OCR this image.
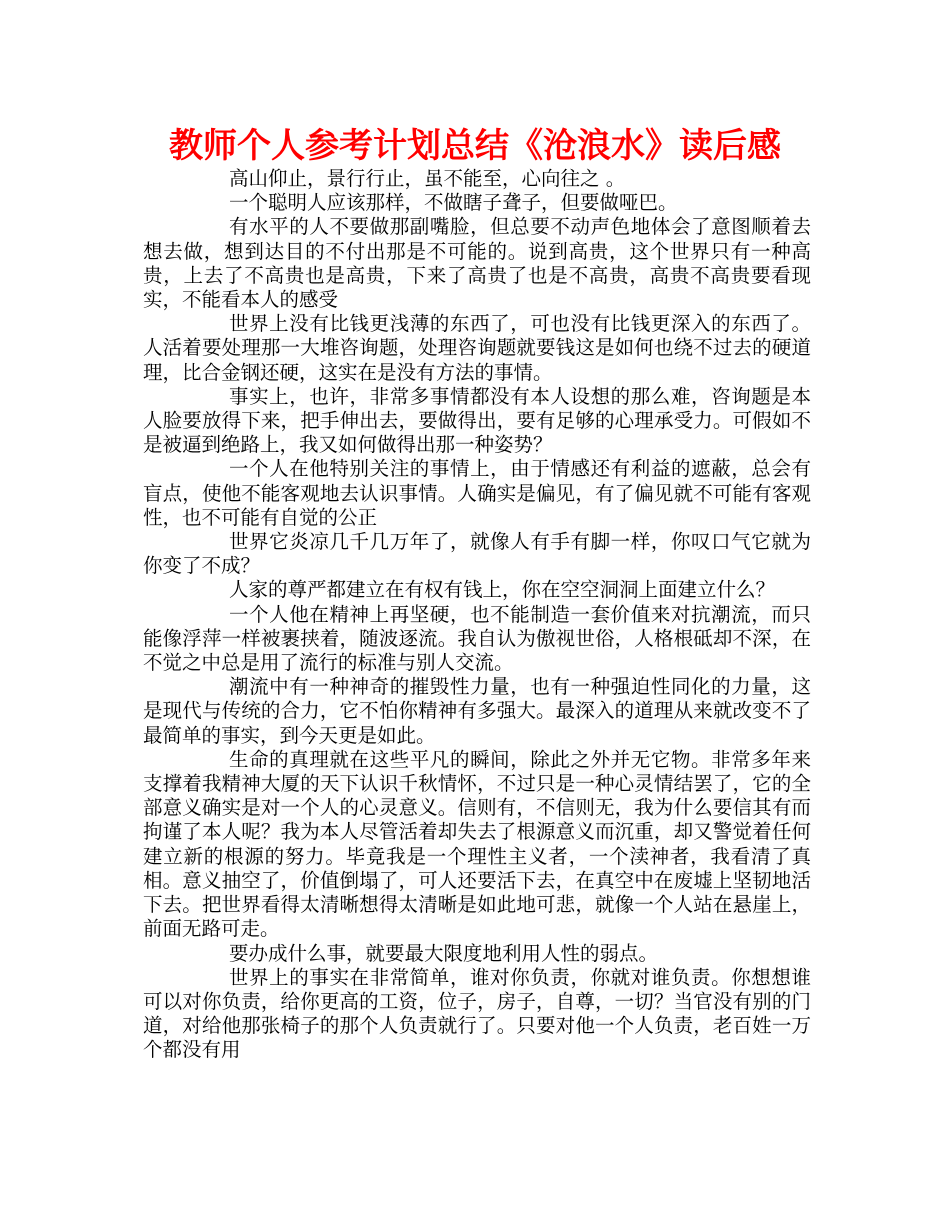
教师个人参考计划总结《沧浪水》读后感

高山仰止，景行行止，虽不能至，心向往之 。

一个聪明人应该那样，不做瞎子聋子，但要做哑巴。

有水平的人不要做那副嘴脸，但总要不动声色地体会了意图顺着去想去做，想到达目的不付出那是不可能的。说到高贵，这个世界只有一种高贵，上去了不高贵也是高贵，下来了高贵了也是不高贵，高贵不高贵要看现实，不能看本人的感受

世界上没有比钱更浅薄的东西了，可也没有比钱更深入的东西了。人活着要处理那一大堆咨询题，处理咨询题就要钱这是如何也绕不过去的硬道理，比合金钢还硬，这实在是没有方法的事情。

事实上，也许，非常多事情都没有本人设想的那么难，咨询题是本人脸要放得下来，把手伸出去，要做得出，要有足够的心理承受力。可假如不是被逼到绝路上，我又如何做得出那一种姿势？

一个人在他特别关注的事情上，由于情感还有利益的遮蔽，总会有盲点，使他不能客观地去认识事情。人确实是偏见，有了偏见就不可能有客观性，也不可能有自觉的公正

世界它炎凉几千几万年了，就像人有手有脚一样，你叹口气它就为你变了不成？

人家的尊严都建立在有权有钱上，你在空空洞洞上面建立什么？

一个人他在精神上再坚硬，也不能制造一套价值来对抗潮流，而只能像浮萍一样被裹挟着，随波逐流。我自认为傲视世俗，人格根砥却不深，在不觉之中总是用了流行的标准与别人交流。

潮流中有一种神奇的摧毁性力量，也有一种强迫性同化的力量，这是现代与传统的合力，它不怕你精神有多强大。最深入的道理从来就改变不了最简单的事实，到今天更是如此。

生命的真理就在这些平凡的瞬间，除此之外并无它物。非常多年来支撑着我精神大厦的天下认识千秋情怀，不过只是一种心灵情结罢了，它的全部意义确实是对一个人的心灵意义。信则有，不信则无，我为什么要信其有而拘谨了本人呢？我为本人尽管活着却失去了根源意义而沉重，却又警觉着任何建立新的根源的努力。毕竟我是一个理性主义者，一个渎神者，我看清了真相。意义抽空了，价值倒塌了，可人还要活下去，在真空中在废墟上坚韧地活下去。把世界看得太清晰想得太清晰是如此地可悲，就像一个人站在悬崖上，前面无路可走。

要办成什么事，就要最大限度地利用人性的弱点。

世界上的事实在非常简单，谁对你负责，你就对谁负责。你想想谁可以对你负责，给你更高的工资，位子，房子，自尊，一切？当官没有别的门道，对给他那张椅子的那个人负责就行了。只要对他一个人负责，老百姓一万个都没有用
